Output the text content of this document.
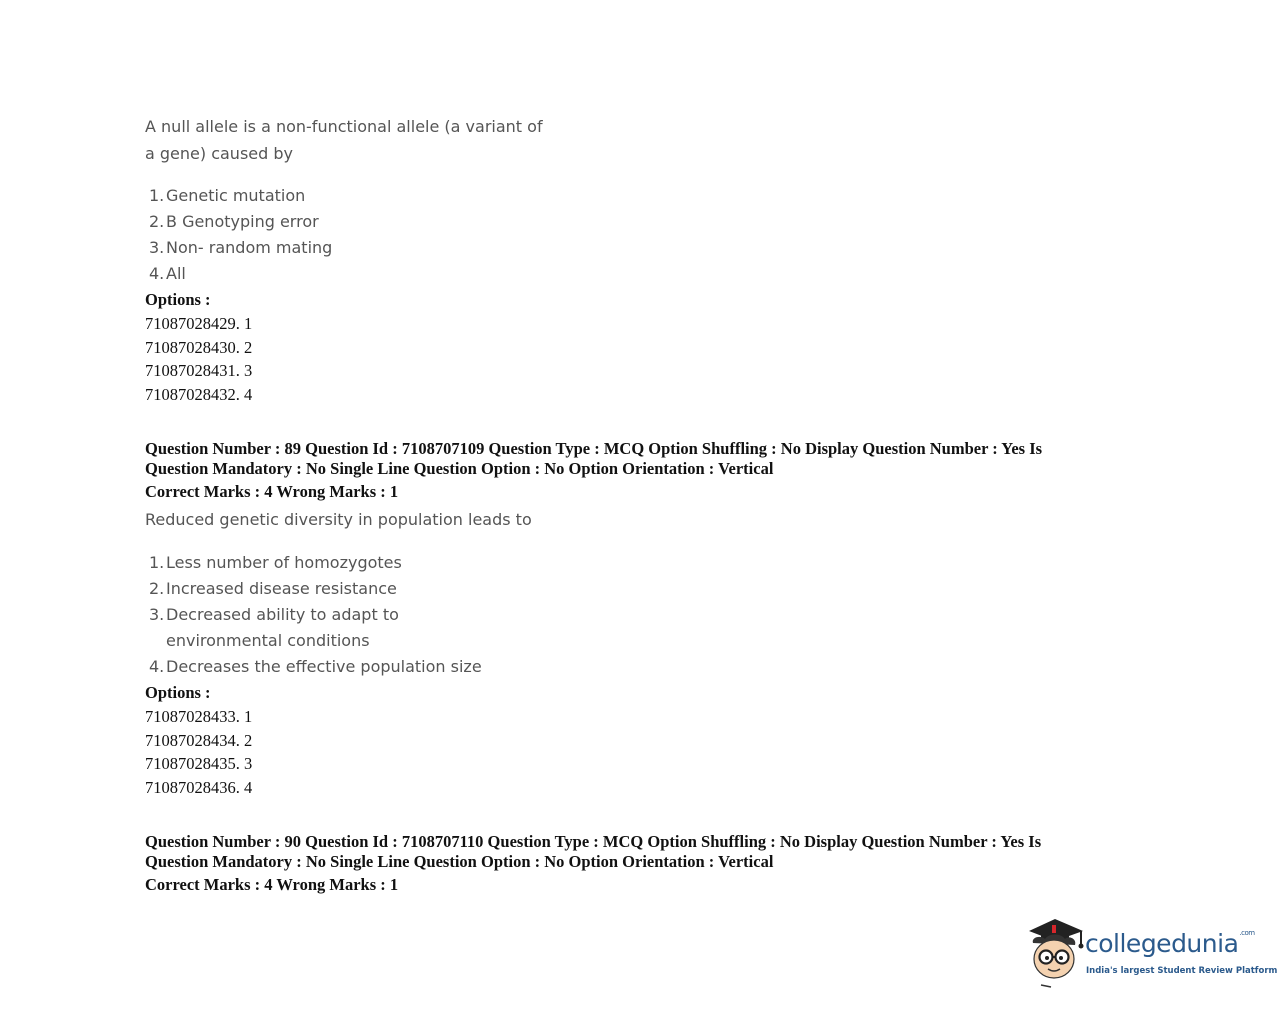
A null allele is a non-functional allele (a variant of
a gene) caused by

1. Genetic mutation
2. B Genotyping error
3. Non- random mating
4. All
Options :
71087028429. 1
71087028430. 2
71087028431. 3
71087028432. 4
Question Number : 89 Question Id : 7108707109 Question Type : MCQ Option Shuffling : No Display Question Number : Yes Is
Question Mandatory : No Single Line Question Option : No Option Orientation : Vertical
Correct Marks : 4 Wrong Marks : 1

Reduced genetic diversity in population leads to

1. Less number of homozygotes
2. Increased disease resistance
3. Decreased ability to adapt to environmental conditions
4. Decreases the effective population size
Options :
71087028433. 1
71087028434. 2
71087028435. 3
71087028436. 4
Question Number : 90 Question Id : 7108707110 Question Type : MCQ Option Shuffling : No Display Question Number : Yes Is
Question Mandatory : No Single Line Question Option : No Option Orientation : Vertical
Correct Marks : 4 Wrong Marks : 1
collegedunia$^{.com}$
India's largest Student Review Platform
